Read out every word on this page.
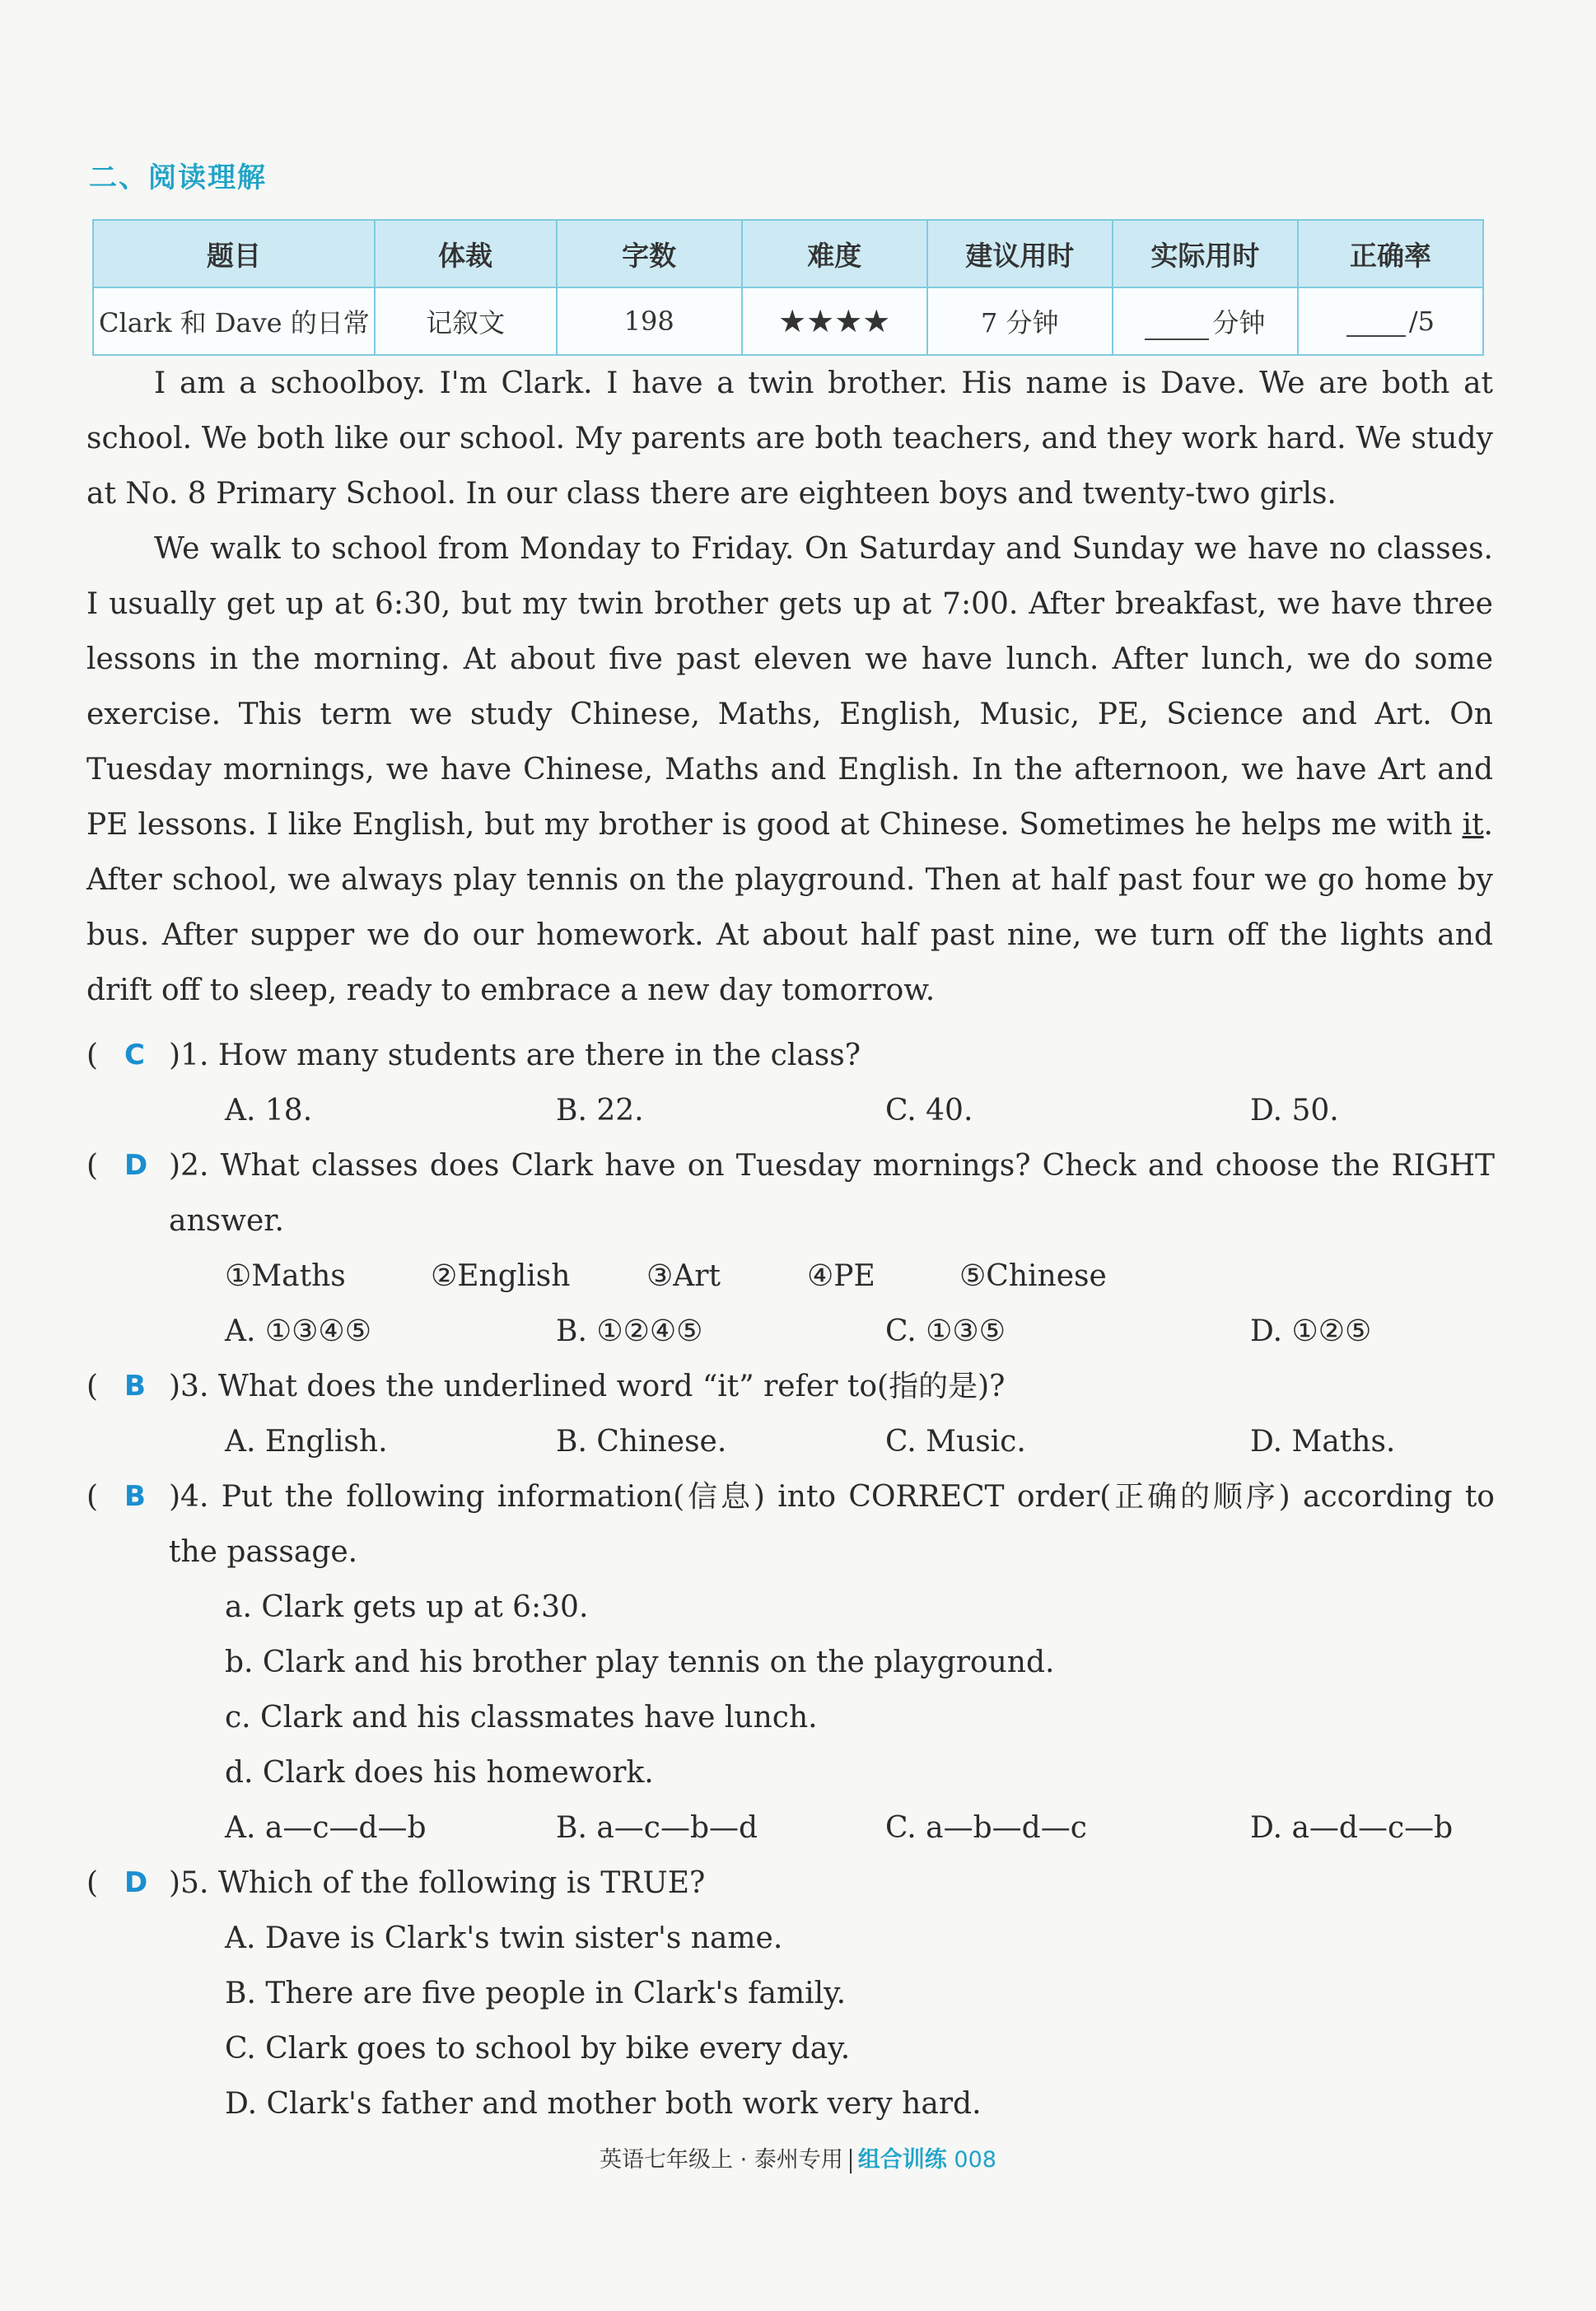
二、阅读理解
题目	体裁	字数	难度	建议用时	实际用时	正确率
Clark 和 Dave 的日常	记叙文	198	★★★★	7 分钟	分钟	/5

I am a schoolboy. I'm Clark. I have a twin brother. His name is Dave. We are both at school. We both like our school. My parents are both teachers, and they work hard. We study at No. 8 Primary School. In our class there are eighteen boys and twenty-two girls.

We walk to school from Monday to Friday. On Saturday and Sunday we have no classes. I usually get up at 6:30, but my twin brother gets up at 7:00. After breakfast, we have three lessons in the morning. At about five past eleven we have lunch. After lunch, we do some exercise. This term we study Chinese, Maths, English, Music, PE, Science and Art. On Tuesday mornings, we have Chinese, Maths and English. In the afternoon, we have Art and PE lessons. I like English, but my brother is good at Chinese. Sometimes he helps me with it. After school, we always play tennis on the playground. Then at half past four we go home by bus. After supper we do our homework. At about half past nine, we turn off the lights and drift off to sleep, ready to embrace a new day tomorrow.

( C )1. How many students are there in the class?
A. 18.	B. 22.	C. 40.	D. 50.
( D )2. What classes does Clark have on Tuesday mornings? Check and choose the RIGHT answer.
①Maths	②English	③Art	④PE	⑤Chinese
A. ①③④⑤	B. ①②④⑤	C. ①③⑤	D. ①②⑤
( B )3. What does the underlined word “it” refer to(指的是)?
A. English.	B. Chinese.	C. Music.	D. Maths.
( B )4. Put the following information(信息) into CORRECT order(正确的顺序) according to the passage.
a. Clark gets up at 6:30.
b. Clark and his brother play tennis on the playground.
c. Clark and his classmates have lunch.
d. Clark does his homework.
A. a—c—d—b	B. a—c—b—d	C. a—b—d—c	D. a—d—c—b
( D )5. Which of the following is TRUE?
A. Dave is Clark's twin sister's name.
B. There are five people in Clark's family.
C. Clark goes to school by bike every day.
D. Clark's father and mother both work very hard.
英语七年级上 · 泰州专用 组合训练 008
